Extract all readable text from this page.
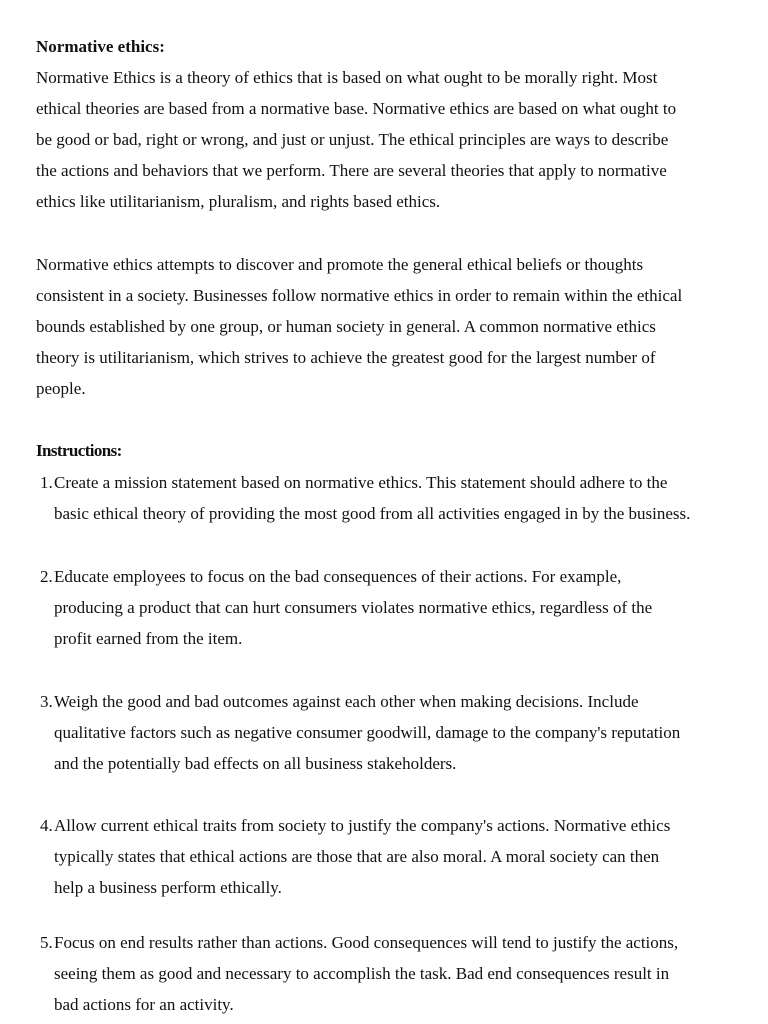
Normative ethics:
Normative Ethics is a theory of ethics that is based on what ought to be morally right. Most
ethical theories are based from a normative base. Normative ethics are based on what ought to
be good or bad, right or wrong, and just or unjust. The ethical principles are ways to describe
the actions and behaviors that we perform. There are several theories that apply to normative
ethics like utilitarianism, pluralism, and rights based ethics.
Normative ethics attempts to discover and promote the general ethical beliefs or thoughts
consistent in a society. Businesses follow normative ethics in order to remain within the ethical
bounds established by one group, or human society in general. A common normative ethics
theory is utilitarianism, which strives to achieve the greatest good for the largest number of
people.
Instructions:
1. Create a mission statement based on normative ethics. This statement should adhere to the
basic ethical theory of providing the most good from all activities engaged in by the business.
2. Educate employees to focus on the bad consequences of their actions. For example,
producing a product that can hurt consumers violates normative ethics, regardless of the
profit earned from the item.
3. Weigh the good and bad outcomes against each other when making decisions. Include
qualitative factors such as negative consumer goodwill, damage to the company's reputation
and the potentially bad effects on all business stakeholders.
4. Allow current ethical traits from society to justify the company's actions. Normative ethics
typically states that ethical actions are those that are also moral. A moral society can then
help a business perform ethically.
5. Focus on end results rather than actions. Good consequences will tend to justify the actions,
seeing them as good and necessary to accomplish the task. Bad end consequences result in
bad actions for an activity.
